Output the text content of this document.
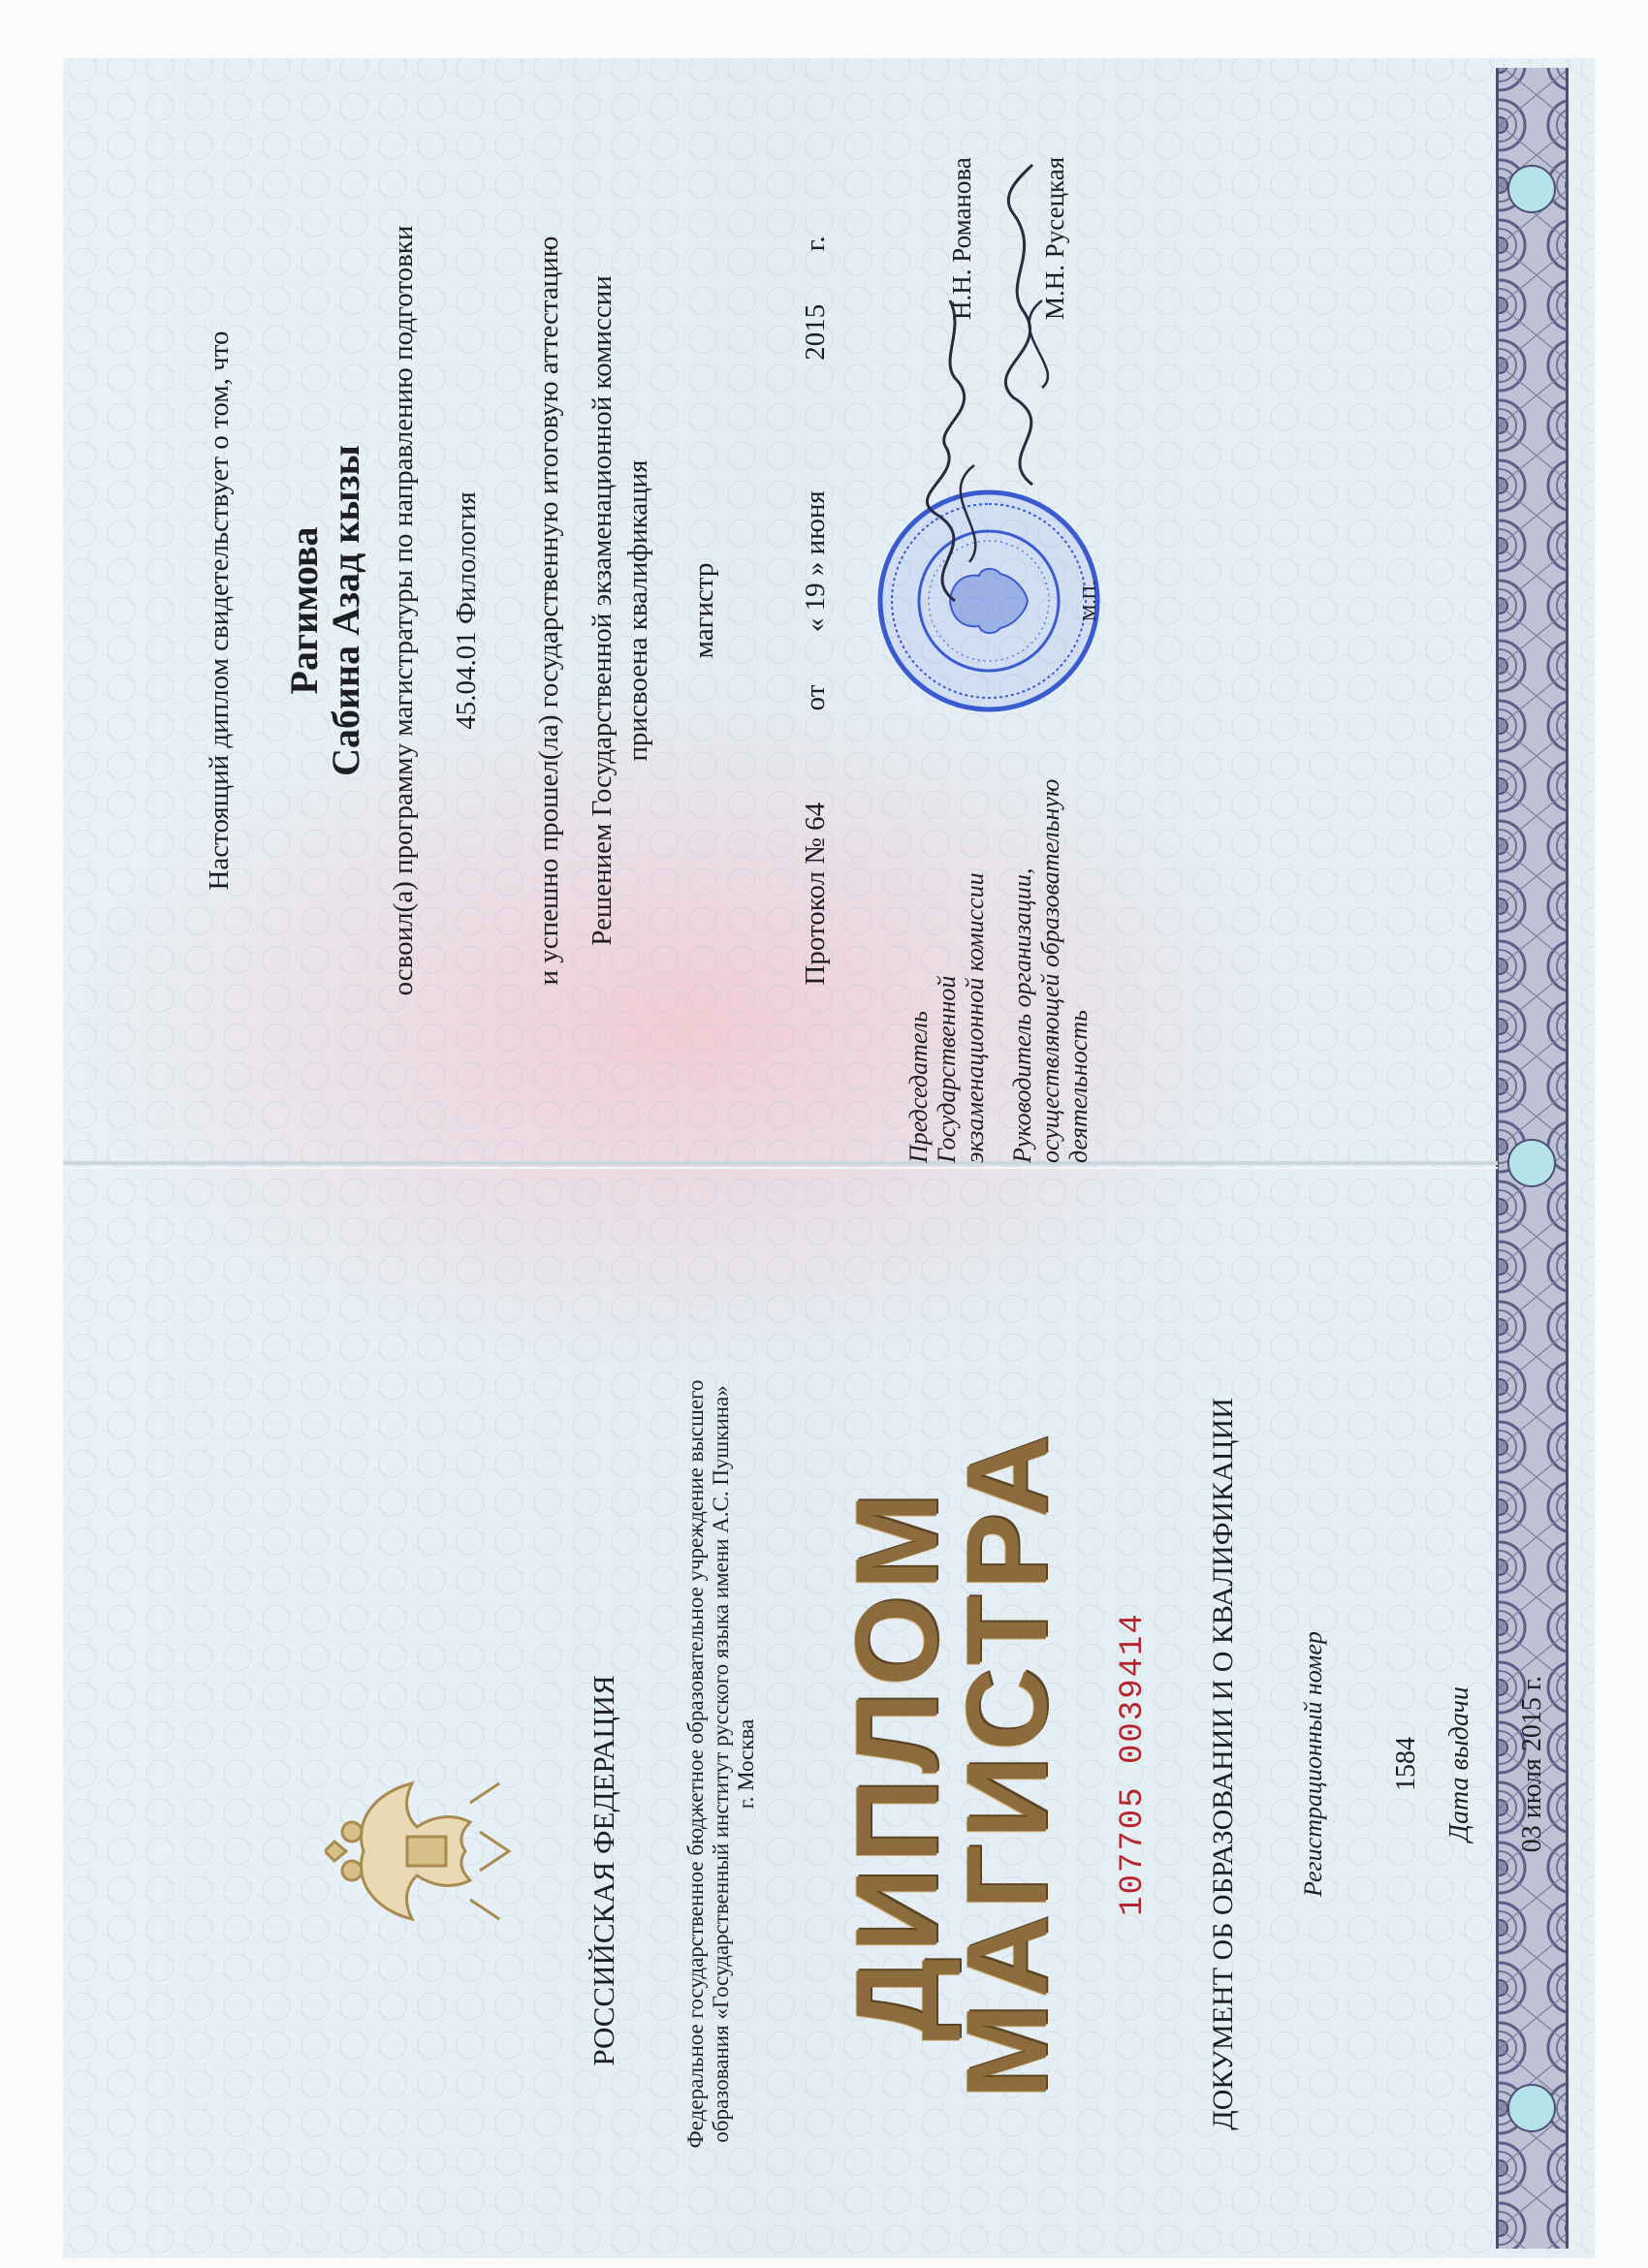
РОССИЙСКАЯ ФЕДЕРАЦИЯ	Федеральное государственное бюджетное образовательное учреждение высшего образования «Государственный институт русского языка имени А.С. Пушкина» г. Москва ДИПЛОМ
МАГИСТРА 107705 0039414 ДОКУМЕНТ ОБ ОБРАЗОВАНИИ И О КВАЛИФИКАЦИИ Регистрационный номер 1584 Дата выдачи 03 июля 2015 г.
Настоящий диплом свидетельствует о том, что Рагимова
Сабина Азад кызы освоил(а) программу магистратуры по направлению подготовки 45.04.01 Филология и успешно прошел(ла) государственную итоговую аттестацию Решением Государственной экзаменационной комиссии присвоена квалификация магистр
Протокол № 64  от  « 19 » июня  2015  г.
Председатель Государственной экзаменационной комиссии
Н.Н. Романова
Руководитель организации, осуществляющей образовательную деятельность
М.Н. Русецкая
М.П.
